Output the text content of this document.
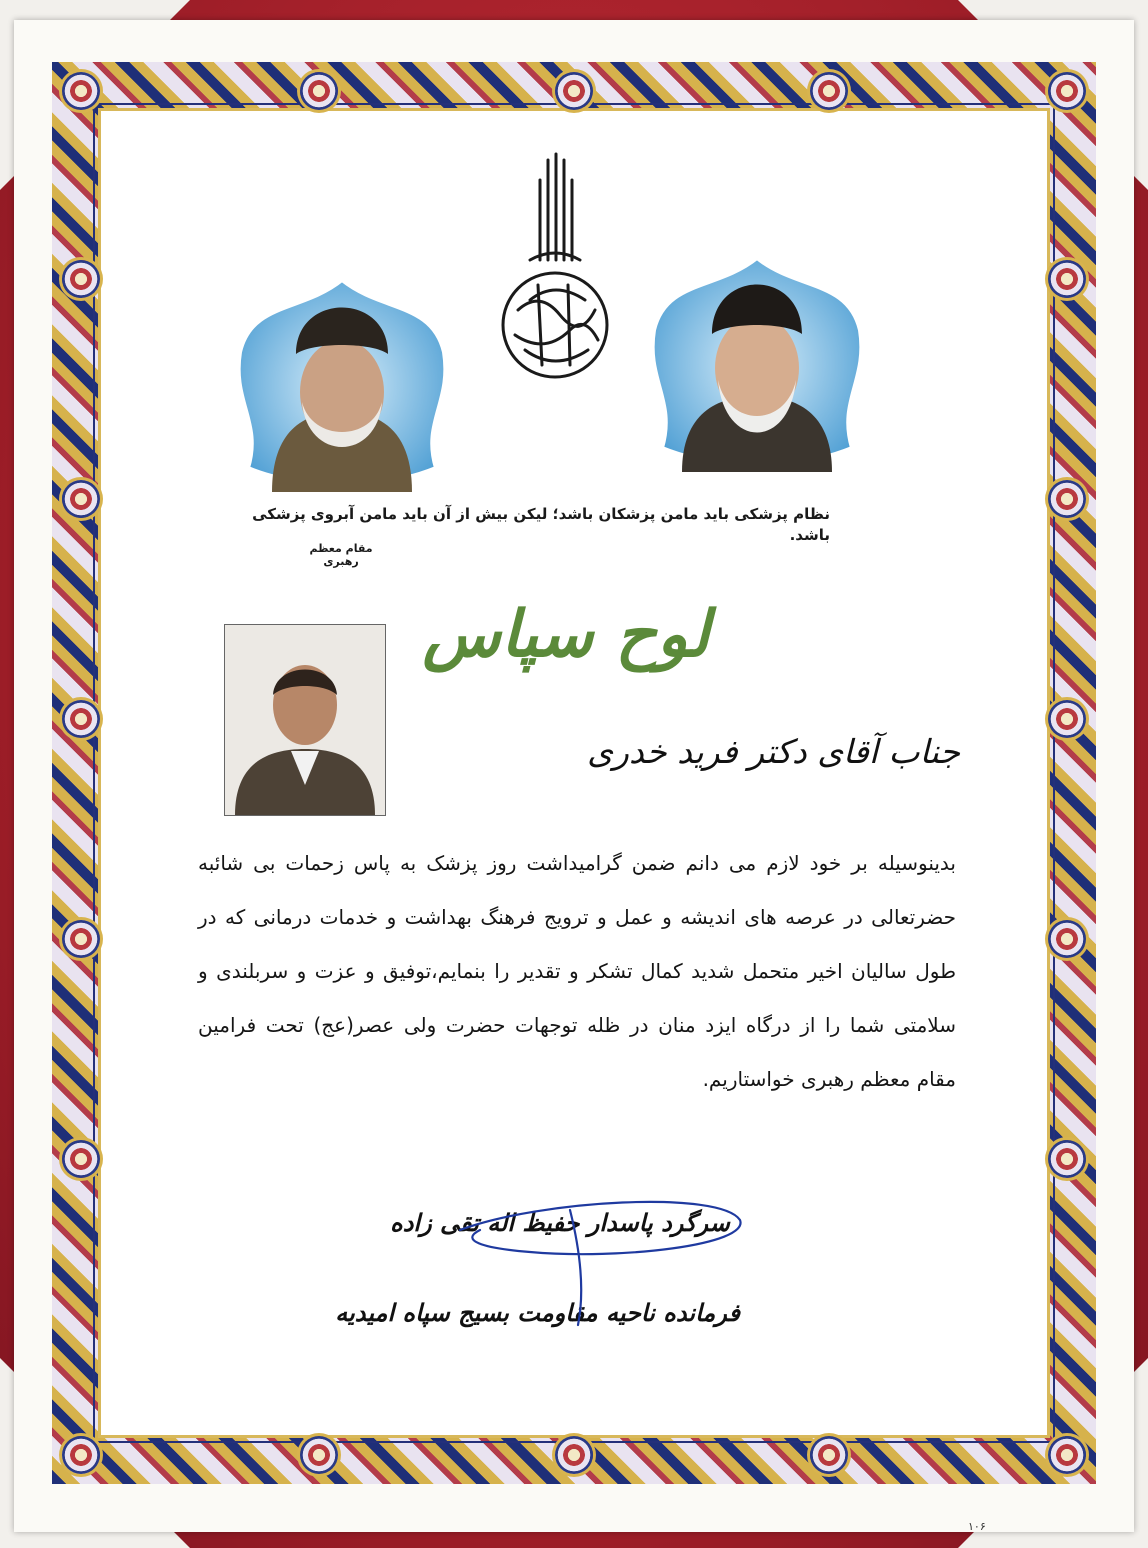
نظام پزشکی باید مامن پزشکان باشد؛ لیکن بیش از آن باید مامن آبروی پزشکی باشد.
مقام معظم رهبری
لوح سپاس
جناب آقای دکتر فرید خدری
بدینوسیله بر خود لازم می دانم ضمن گرامیداشت روز پزشک به پاس زحمات بی شائبه حضرتعالی در عرصه های اندیشه و عمل و ترویج فرهنگ بهداشت و خدمات درمانی که در طول سالیان اخیر متحمل شدید کمال تشکر و تقدیر را بنمایم،توفیق و عزت و سربلندی و سلامتی شما را از درگاه ایزد منان در ظله توجهات حضرت ولی عصر(عج) تحت فرامین مقام معظم رهبری خواستاریم.
سرگرد پاسدار حفیظ اله تقی زاده
فرمانده ناحیه مقاومت بسیج سپاه امیدیه
۱۰۶
